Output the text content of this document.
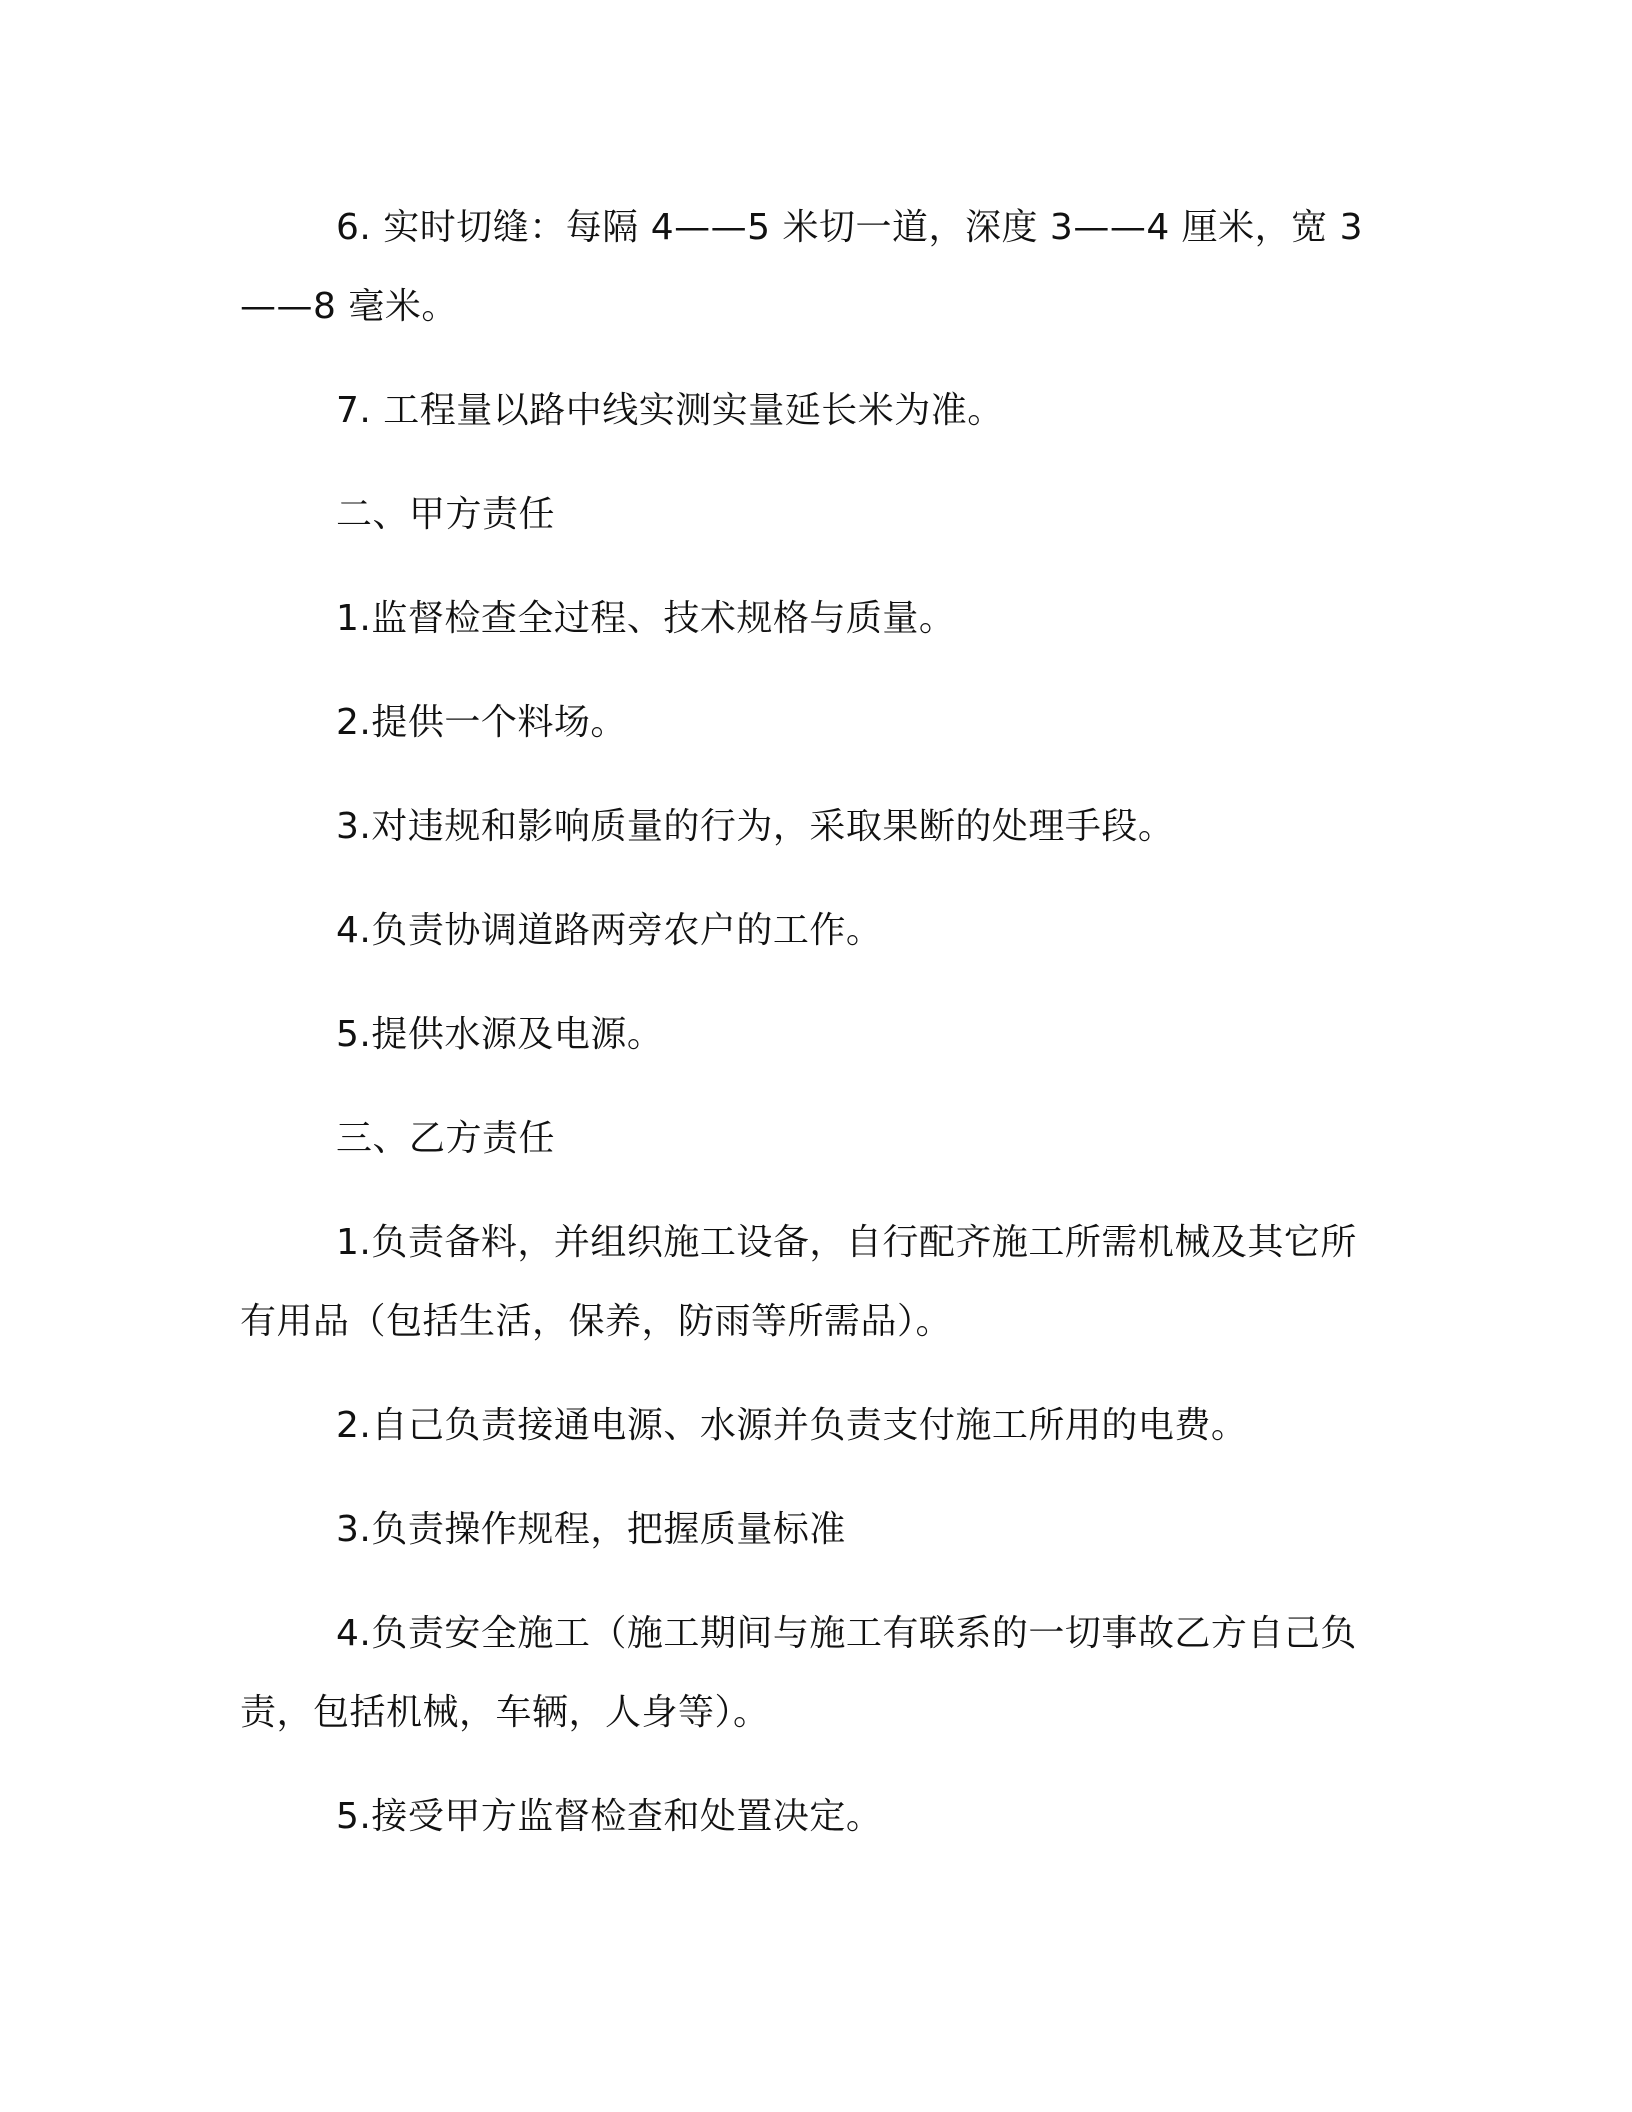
6. 实时切缝：每隔 4——5 米切一道，深度 3——4 厘米，宽 3——8 毫米。

7. 工程量以路中线实测实量延长米为准。

二、甲方责任

1.监督检查全过程、技术规格与质量。

2.提供一个料场。

3.对违规和影响质量的行为，采取果断的处理手段。

4.负责协调道路两旁农户的工作。

5.提供水源及电源。

三、乙方责任

1.负责备料，并组织施工设备，自行配齐施工所需机械及其它所有用品（包括生活，保养，防雨等所需品）。

2.自己负责接通电源、水源并负责支付施工所用的电费。

3.负责操作规程，把握质量标准

4.负责安全施工（施工期间与施工有联系的一切事故乙方自己负责，包括机械，车辆，人身等）。

5.接受甲方监督检查和处置决定。
